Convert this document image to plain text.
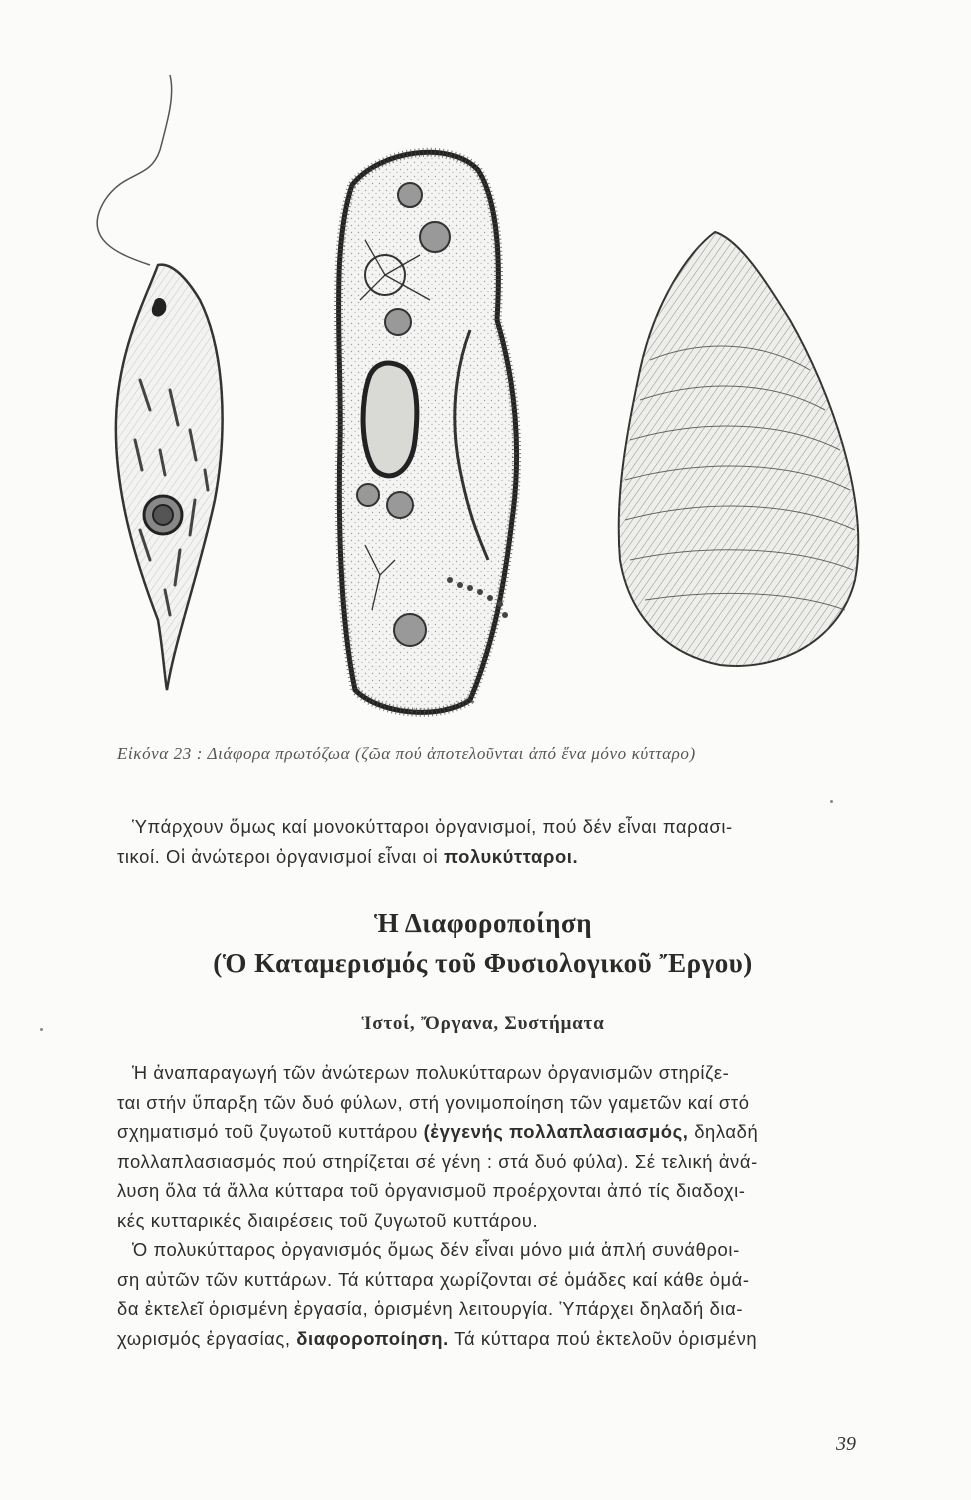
Εἰκόνα 23 : Διάφορα πρωτόζωα (ζῶα πού ἀποτελοῦνται ἀπό ἕνα μόνο κύτταρο)
Ὑπάρχουν ὅμως καί μονοκύτταροι ὀργανισμοί, πού δέν εἶναι παρασι-
τικοί. Οἱ ἀνώτεροι ὀργανισμοί εἶναι οἱ πολυκύτταροι.
Ἡ Διαφοροποίηση
(Ὁ Καταμερισμός τοῦ Φυσιολογικοῦ Ἔργου)
Ἱστοί, Ὄργανα, Συστήματα
Ἡ ἀναπαραγωγή τῶν ἀνώτερων πολυκύτταρων ὀργανισμῶν στηρίζε-
ται στήν ὕπαρξη τῶν δυό φύλων, στή γονιμοποίηση τῶν γαμετῶν καί στό
σχηματισμό τοῦ ζυγωτοῦ κυττάρου (ἐγγενής πολλαπλασιασμός, δηλαδή
πολλαπλασιασμός πού στηρίζεται σέ γένη : στά δυό φύλα). Σέ τελική ἀνά-
λυση ὅλα τά ἄλλα κύτταρα τοῦ ὀργανισμοῦ προέρχονται ἀπό τίς διαδοχι-
κές κυτταρικές διαιρέσεις τοῦ ζυγωτοῦ κυττάρου.
Ὁ πολυκύτταρος ὀργανισμός ὅμως δέν εἶναι μόνο μιά ἁπλή συνάθροι-
ση αὐτῶν τῶν κυττάρων. Τά κύτταρα χωρίζονται σέ ὁμάδες καί κάθε ὁμά-
δα ἐκτελεῖ ὁρισμένη ἐργασία, ὁρισμένη λειτουργία. Ὑπάρχει δηλαδή δια-
χωρισμός ἐργασίας, διαφοροποίηση. Τά κύτταρα πού ἐκτελοῦν ὁρισμένη
39
